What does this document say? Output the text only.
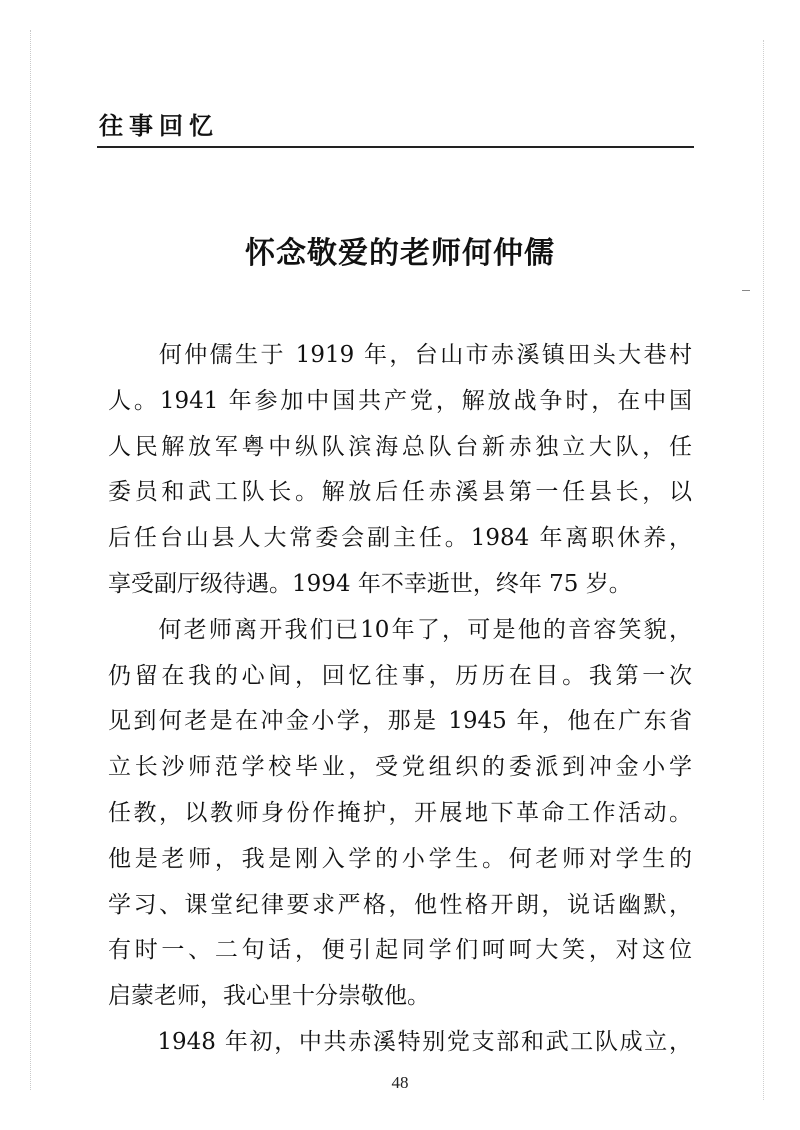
往事回忆
怀念敬爱的老师何仲儒
　　何仲儒生于 1919 年，台山市赤溪镇田头大巷村
人。1941 年参加中国共产党，解放战争时，在中国
人民解放军粤中纵队滨海总队台新赤独立大队，任
委员和武工队长。解放后任赤溪县第一任县长，以
后任台山县人大常委会副主任。1984 年离职休养，
享受副厅级待遇。1994 年不幸逝世，终年 75 岁。
　　何老师离开我们已10年了，可是他的音容笑貌，
仍留在我的心间，回忆往事，历历在目。我第一次
见到何老是在冲金小学，那是 1945 年，他在广东省
立长沙师范学校毕业，受党组织的委派到冲金小学
任教，以教师身份作掩护，开展地下革命工作活动。
他是老师，我是刚入学的小学生。何老师对学生的
学习、课堂纪律要求严格，他性格开朗，说话幽默，
有时一、二句话，便引起同学们呵呵大笑，对这位
启蒙老师，我心里十分崇敬他。
　　1948 年初，中共赤溪特别党支部和武工队成立，
48
